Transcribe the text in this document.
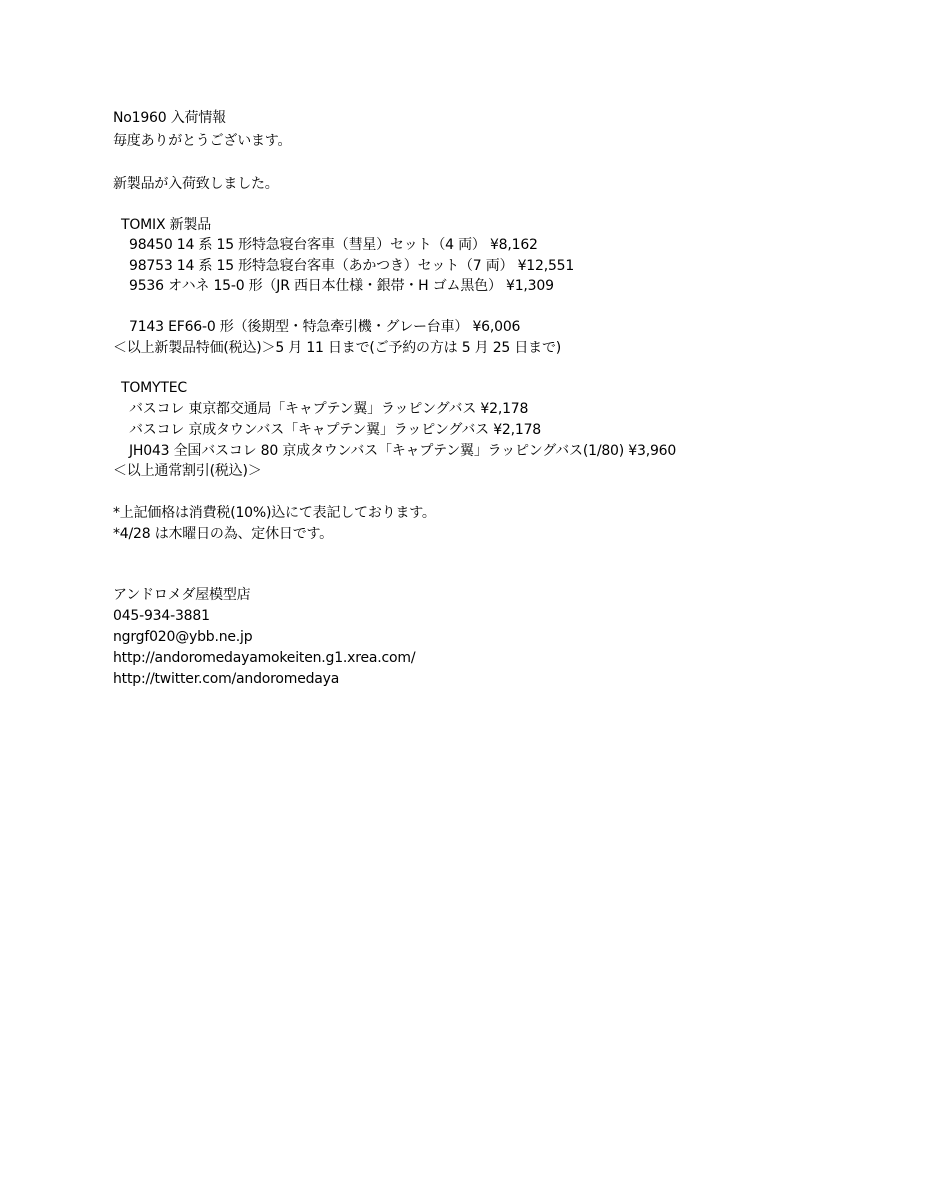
No1960 入荷情報
毎度ありがとうございます。
新製品が入荷致しました。
TOMIX 新製品
98450 14 系 15 形特急寝台客車（彗星）セット（4 両） ¥8,162
98753 14 系 15 形特急寝台客車（あかつき）セット（7 両） ¥12,551
9536 オハネ 15-0 形（JR 西日本仕様・銀帯・H ゴム黒色） ¥1,309
7143 EF66-0 形（後期型・特急牽引機・グレー台車） ¥6,006
＜以上新製品特価(税込)＞5 月 11 日まで(ご予約の方は 5 月 25 日まで)
TOMYTEC
バスコレ 東京都交通局「キャプテン翼」ラッピングバス ¥2,178
バスコレ 京成タウンバス「キャプテン翼」ラッピングバス ¥2,178
JH043 全国バスコレ 80 京成タウンバス「キャプテン翼」ラッピングバス(1/80) ¥3,960
＜以上通常割引(税込)＞
*上記価格は消費税(10%)込にて表記しております。
*4/28 は木曜日の為、定休日です。
アンドロメダ屋模型店
045-934-3881
ngrgf020@ybb.ne.jp
http://andoromedayamokeiten.g1.xrea.com/
http://twitter.com/andoromedaya
